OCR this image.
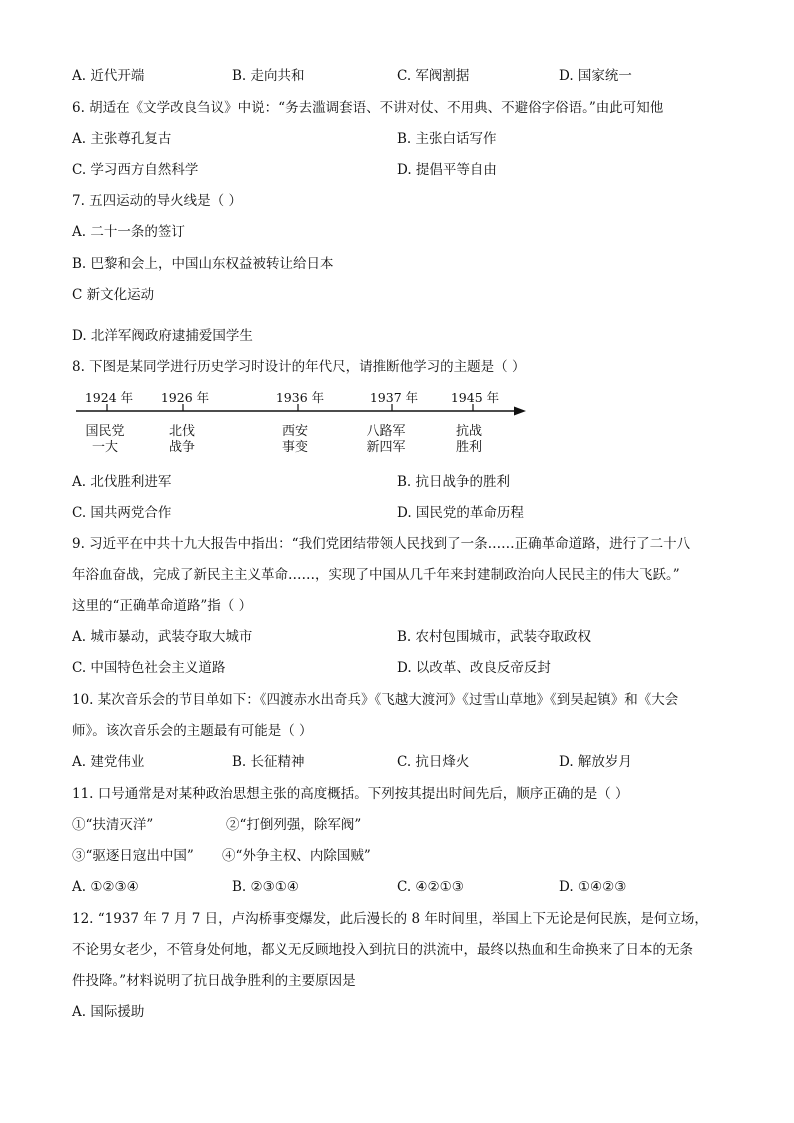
A. 近代开端	B. 走向共和	C. 军阀割据	D. 国家统一
6. 胡适在《文学改良刍议》中说：“务去滥调套语、不讲对仗、不用典、不避俗字俗语。”由此可知他
A. 主张尊孔复古	B. 主张白话写作
C. 学习西方自然科学	D. 提倡平等自由
7. 五四运动的导火线是（ ）
A. 二十一条的签订
B. 巴黎和会上，中国山东权益被转让给日本
C 新文化运动
D. 北洋军阀政府逮捕爱国学生
8. 下图是某同学进行历史学习时设计的年代尺，请推断他学习的主题是（ ）
1924 年 1926 年	1936 年	1937 年	1945 年
国民党
一大
北伐
战争
西安
事变
八路军
新四军
抗战
胜利
A. 北伐胜利进军	B. 抗日战争的胜利
C. 国共两党合作	D. 国民党的革命历程
9. 习近平在中共十九大报告中指出：“我们党团结带领人民找到了一条……正确革命道路，进行了二十八
年浴血奋战，完成了新民主主义革命……，实现了中国从几千年来封建制政治向人民民主的伟大飞跃。”
这里的“正确革命道路”指（ ）
A. 城市暴动，武装夺取大城市	B. 农村包围城市，武装夺取政权
C. 中国特色社会主义道路	D. 以改革、改良反帝反封
10. 某次音乐会的节目单如下：《四渡赤水出奇兵》《飞越大渡河》《过雪山草地》《到吴起镇》和《大会
师》。该次音乐会的主题最有可能是（ ）
A. 建党伟业	B. 长征精神	C. 抗日烽火	D. 解放岁月
11. 口号通常是对某种政治思想主张的高度概括。下列按其提出时间先后，顺序正确的是（ ）
①“扶清灭洋”	②“打倒列强，除军阀”
③“驱逐日寇出中国” ④“外争主权、内除国贼”
A. ①②③④	B. ②③①④	C. ④②①③	D. ①④②③
12. “1937 年 7 月 7 日，卢沟桥事变爆发，此后漫长的 8 年时间里，举国上下无论是何民族，是何立场，
不论男女老少，不管身处何地，都义无反顾地投入到抗日的洪流中，最终以热血和生命换来了日本的无条
件投降。”材料说明了抗日战争胜利的主要原因是
A. 国际援助
